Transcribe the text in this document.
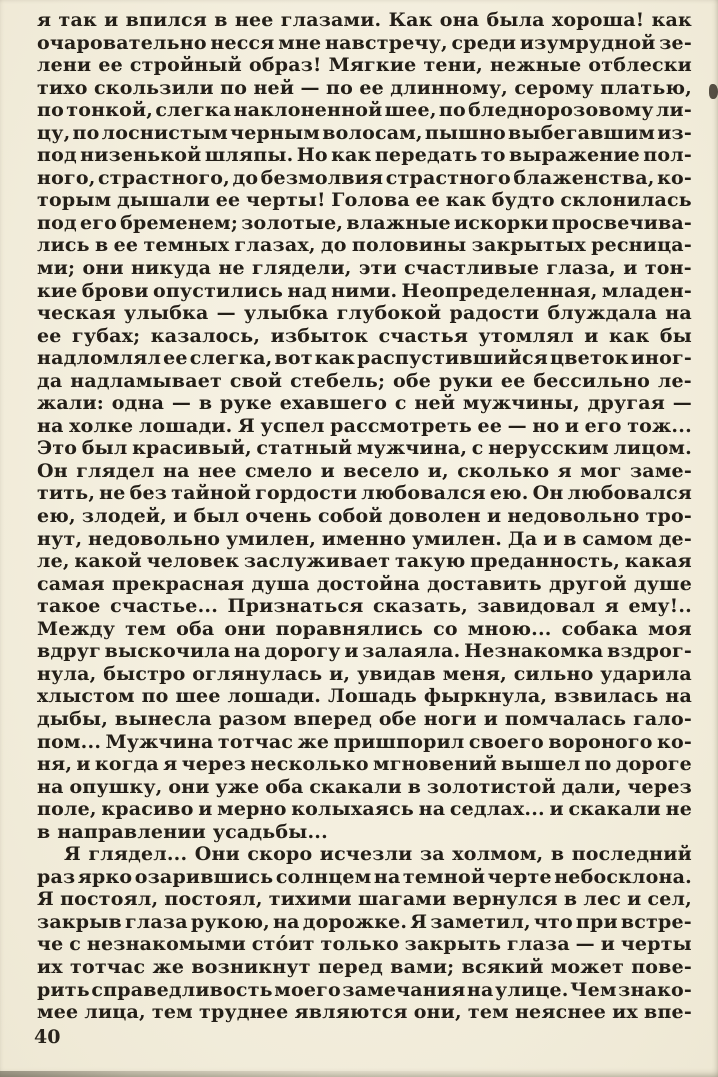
я так и впился в нее глазами. Как она была хороша! как
очаровательно несся мне навстречу, среди изумрудной зе-
лени ее стройный образ! Мягкие тени, нежные отблески
тихо скользили по ней — по ее длинному, серому платью,
по тонкой, слегка наклоненной шее, по бледнорозовому ли-
цу, по лоснистым черным волосам, пышно выбегавшим из-
под низенькой шляпы. Но как передать то выражение пол-
ного, страстного, до безмолвия страстного блаженства, ко-
торым дышали ее черты! Голова ее как будто склонилась
под его бременем; золотые, влажные искорки просвечива-
лись в ее темных глазах, до половины закрытых ресница-
ми; они никуда не глядели, эти счастливые глаза, и тон-
кие брови опустились над ними. Неопределенная, младен-
ческая улыбка — улыбка глубокой радости блуждала на
ее губах; казалось, избыток счастья утомлял и как бы
надломлял ее слегка, вот как распустившийся цветок иног-
да надламывает свой стебель; обе руки ее бессильно ле-
жали: одна — в руке ехавшего с ней мужчины, другая —
на холке лошади. Я успел рассмотреть ее — но и его тож...
Это был красивый, статный мужчина, с нерусским лицом.
Он глядел на нее смело и весело и, сколько я мог заме-
тить, не без тайной гордости любовался ею. Он любовался
ею, злодей, и был очень собой доволен и недовольно тро-
нут, недовольно умилен, именно умилен. Да и в самом де-
ле, какой человек заслуживает такую преданность, какая
самая прекрасная душа достойна доставить другой душе
такое счастье... Признаться сказать, завидовал я ему!..
Между тем оба они поравнялись со мною... собака моя
вдруг выскочила на дорогу и залаяла. Незнакомка вздрог-
нула, быстро оглянулась и, увидав меня, сильно ударила
хлыстом по шее лошади. Лошадь фыркнула, взвилась на
дыбы, вынесла разом вперед обе ноги и помчалась гало-
пом... Мужчина тотчас же пришпорил своего вороного ко-
ня, и когда я через несколько мгновений вышел по дороге
на опушку, они уже оба скакали в золотистой дали, через
поле, красиво и мерно колыхаясь на седлах... и скакали не
в направлении усадьбы...
Я глядел... Они скоро исчезли за холмом, в последний
раз ярко озарившись солнцем на темной черте небосклона.
Я постоял, постоял, тихими шагами вернулся в лес и сел,
закрыв глаза рукою, на дорожке. Я заметил, что при встре-
че с незнакомыми сто́ит только закрыть глаза — и черты
их тотчас же возникнут перед вами; всякий может пове-
рить справедливость моего замечания на улице. Чем знако-
мее лица, тем труднее являются они, тем неяснее их впе-
40
